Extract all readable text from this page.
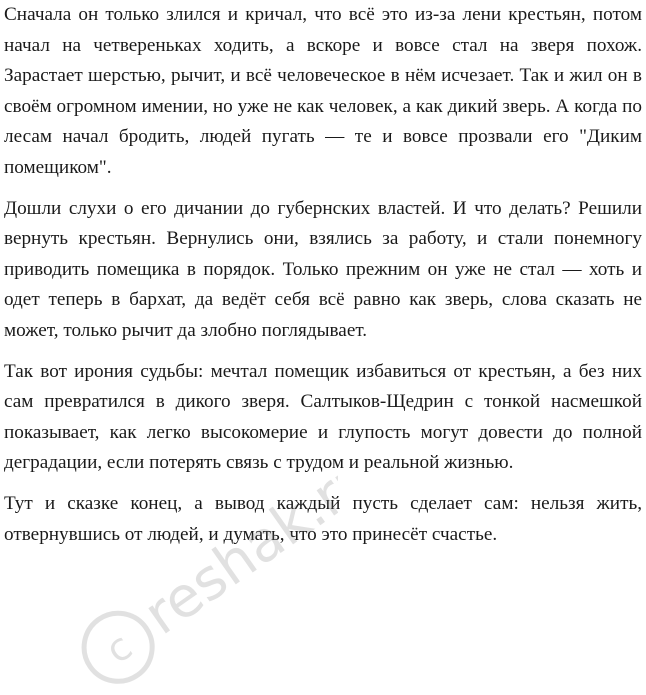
Сначала он только злился и кричал, что всё это из-за лени крестьян, потом начал на четвереньках ходить, а вскоре и вовсе стал на зверя похож. Зарастает шерстью, рычит, и всё человеческое в нём исчезает. Так и жил он в своём огромном имении, но уже не как человек, а как дикий зверь. А когда по лесам начал бродить, людей пугать — те и вовсе прозвали его "Диким помещиком".

Дошли слухи о его дичании до губернских властей. И что делать? Решили вернуть крестьян. Вернулись они, взялись за работу, и стали понемногу приводить помещика в порядок. Только прежним он уже не стал — хоть и одет теперь в бархат, да ведёт себя всё равно как зверь, слова сказать не может, только рычит да злобно поглядывает.

Так вот ирония судьбы: мечтал помещик избавиться от крестьян, а без них сам превратился в дикого зверя. Салтыков-Щедрин с тонкой насмешкой показывает, как легко высокомерие и глупость могут довести до полной деградации, если потерять связь с трудом и реальной жизнью.

Тут и сказке конец, а вывод каждый пусть сделает сам: нельзя жить, отвернувшись от людей, и думать, что это принесёт счастье.

c
reshak.ru
